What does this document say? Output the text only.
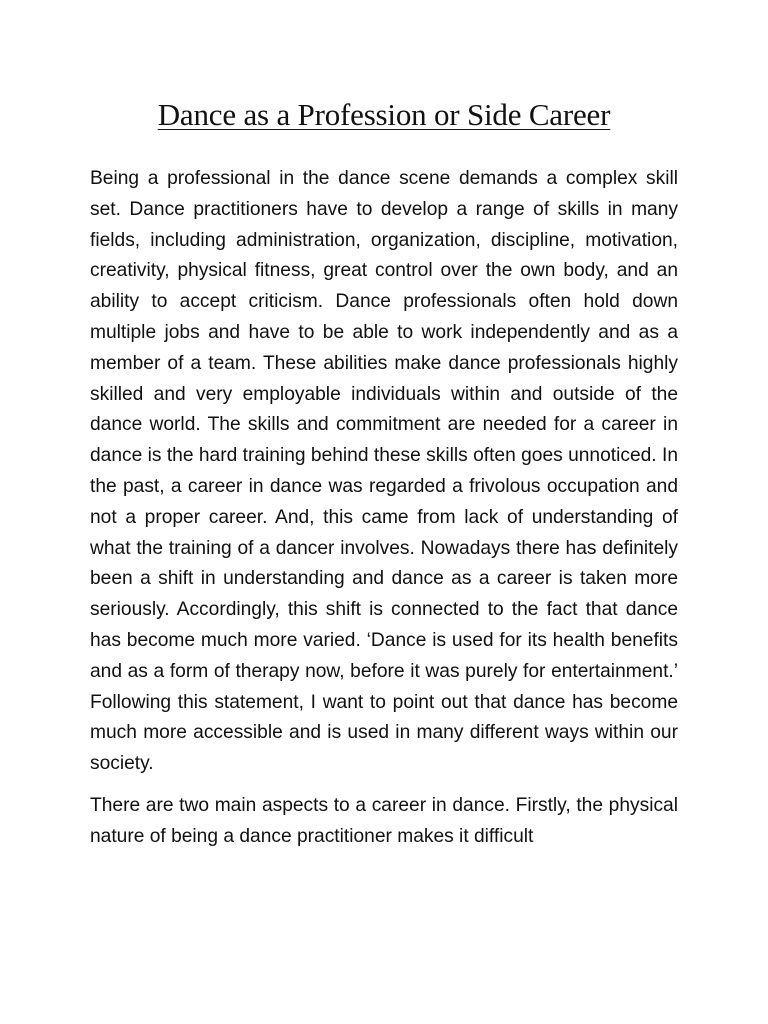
Dance as a Profession or Side Career

Being a professional in the dance scene demands a complex skill set. Dance practitioners have to develop a range of skills in many fields, including administration, organization, discipline, motivation, creativity, physical fitness, great control over the own body, and an ability to accept criticism. Dance professionals often hold down multiple jobs and have to be able to work independently and as a member of a team. These abilities make dance professionals highly skilled and very employable individuals within and outside of the dance world. The skills and commitment are needed for a career in dance is the hard training behind these skills often goes unnoticed. In the past, a career in dance was regarded a frivolous occupation and not a proper career. And, this came from lack of understanding of what the training of a dancer involves. Nowadays there has definitely been a shift in understanding and dance as a career is taken more seriously. Accordingly, this shift is connected to the fact that dance has become much more varied. ‘Dance is used for its health benefits and as a form of therapy now, before it was purely for entertainment.’ Following this statement, I want to point out that dance has become much more accessible and is used in many different ways within our society.

There are two main aspects to a career in dance. Firstly, the physical nature of being a dance practitioner makes it difficult
